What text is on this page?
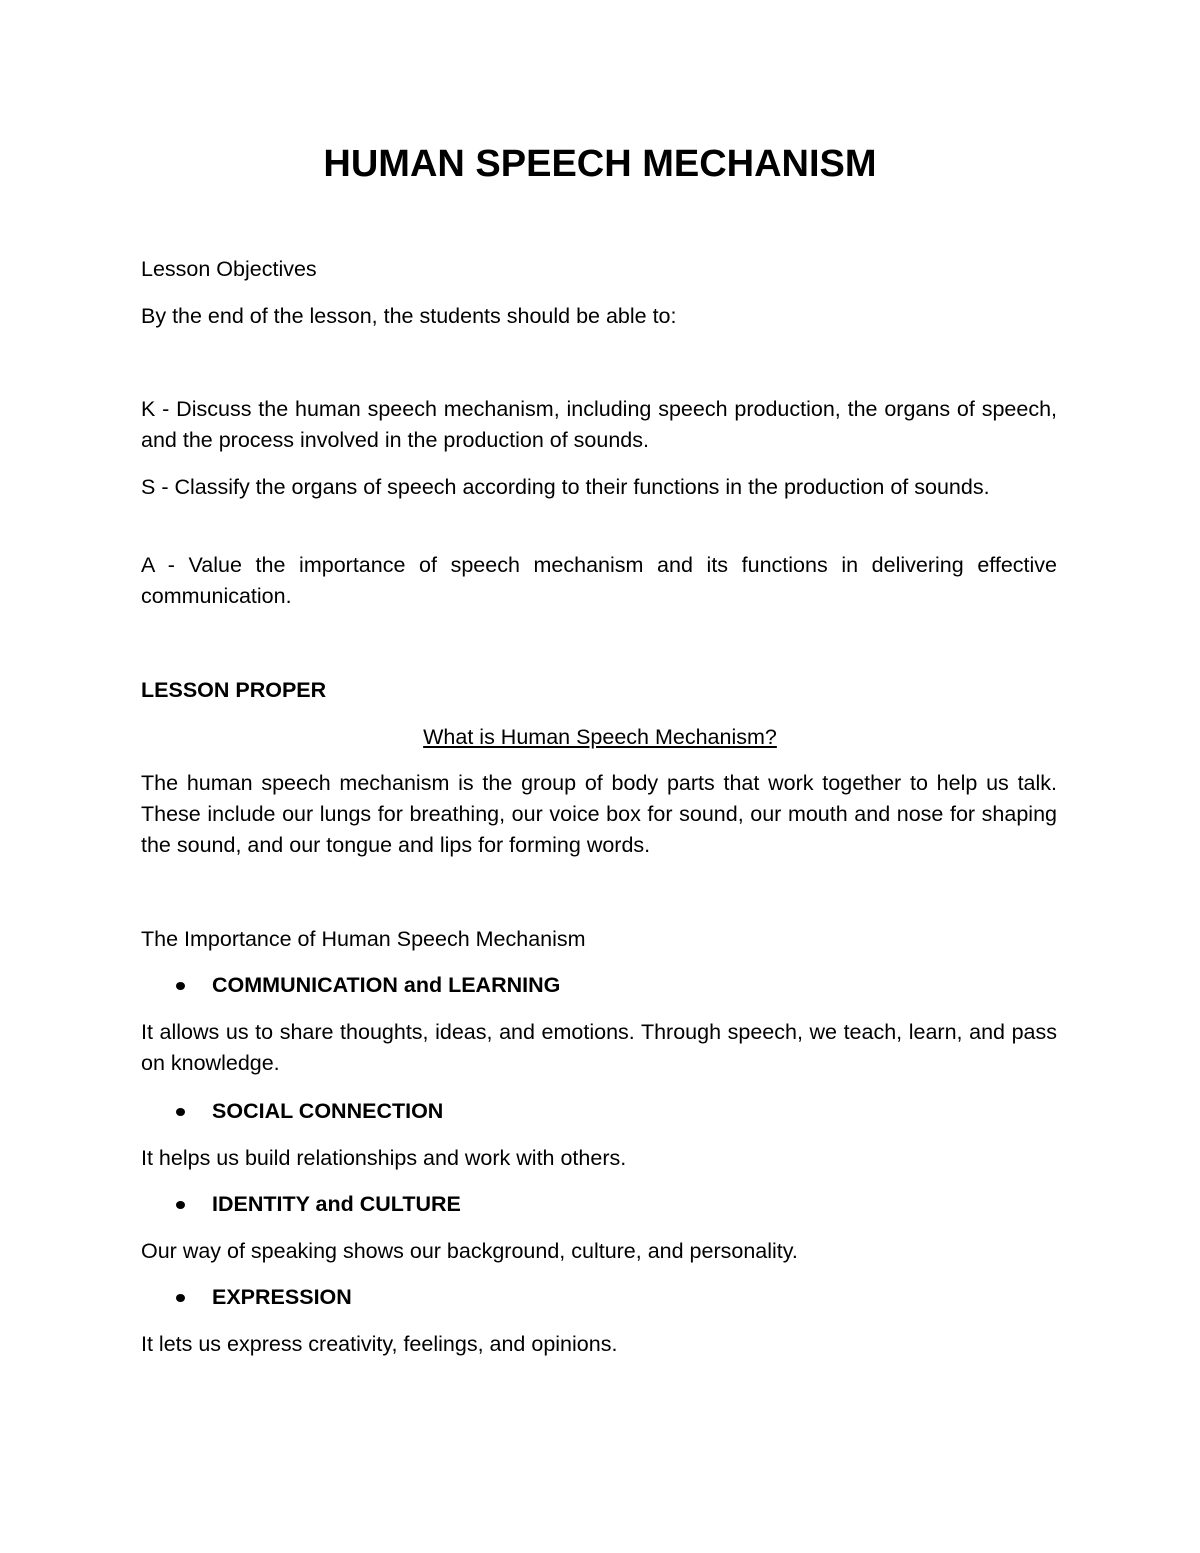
HUMAN SPEECH MECHANISM

Lesson Objectives

By the end of the lesson, the students should be able to:

K - Discuss the human speech mechanism, including speech production, the organs of speech, and the process involved in the production of sounds.

S - Classify the organs of speech according to their functions in the production of sounds.

A - Value the importance of speech mechanism and its functions in delivering effective communication.

LESSON PROPER

What is Human Speech Mechanism?

The human speech mechanism is the group of body parts that work together to help us talk. These include our lungs for breathing, our voice box for sound, our mouth and nose for shaping the sound, and our tongue and lips for forming words.

The Importance of Human Speech Mechanism

COMMUNICATION and LEARNING

It allows us to share thoughts, ideas, and emotions. Through speech, we teach, learn, and pass on knowledge.

SOCIAL CONNECTION

It helps us build relationships and work with others.

IDENTITY and CULTURE

Our way of speaking shows our background, culture, and personality.

EXPRESSION

It lets us express creativity, feelings, and opinions.
